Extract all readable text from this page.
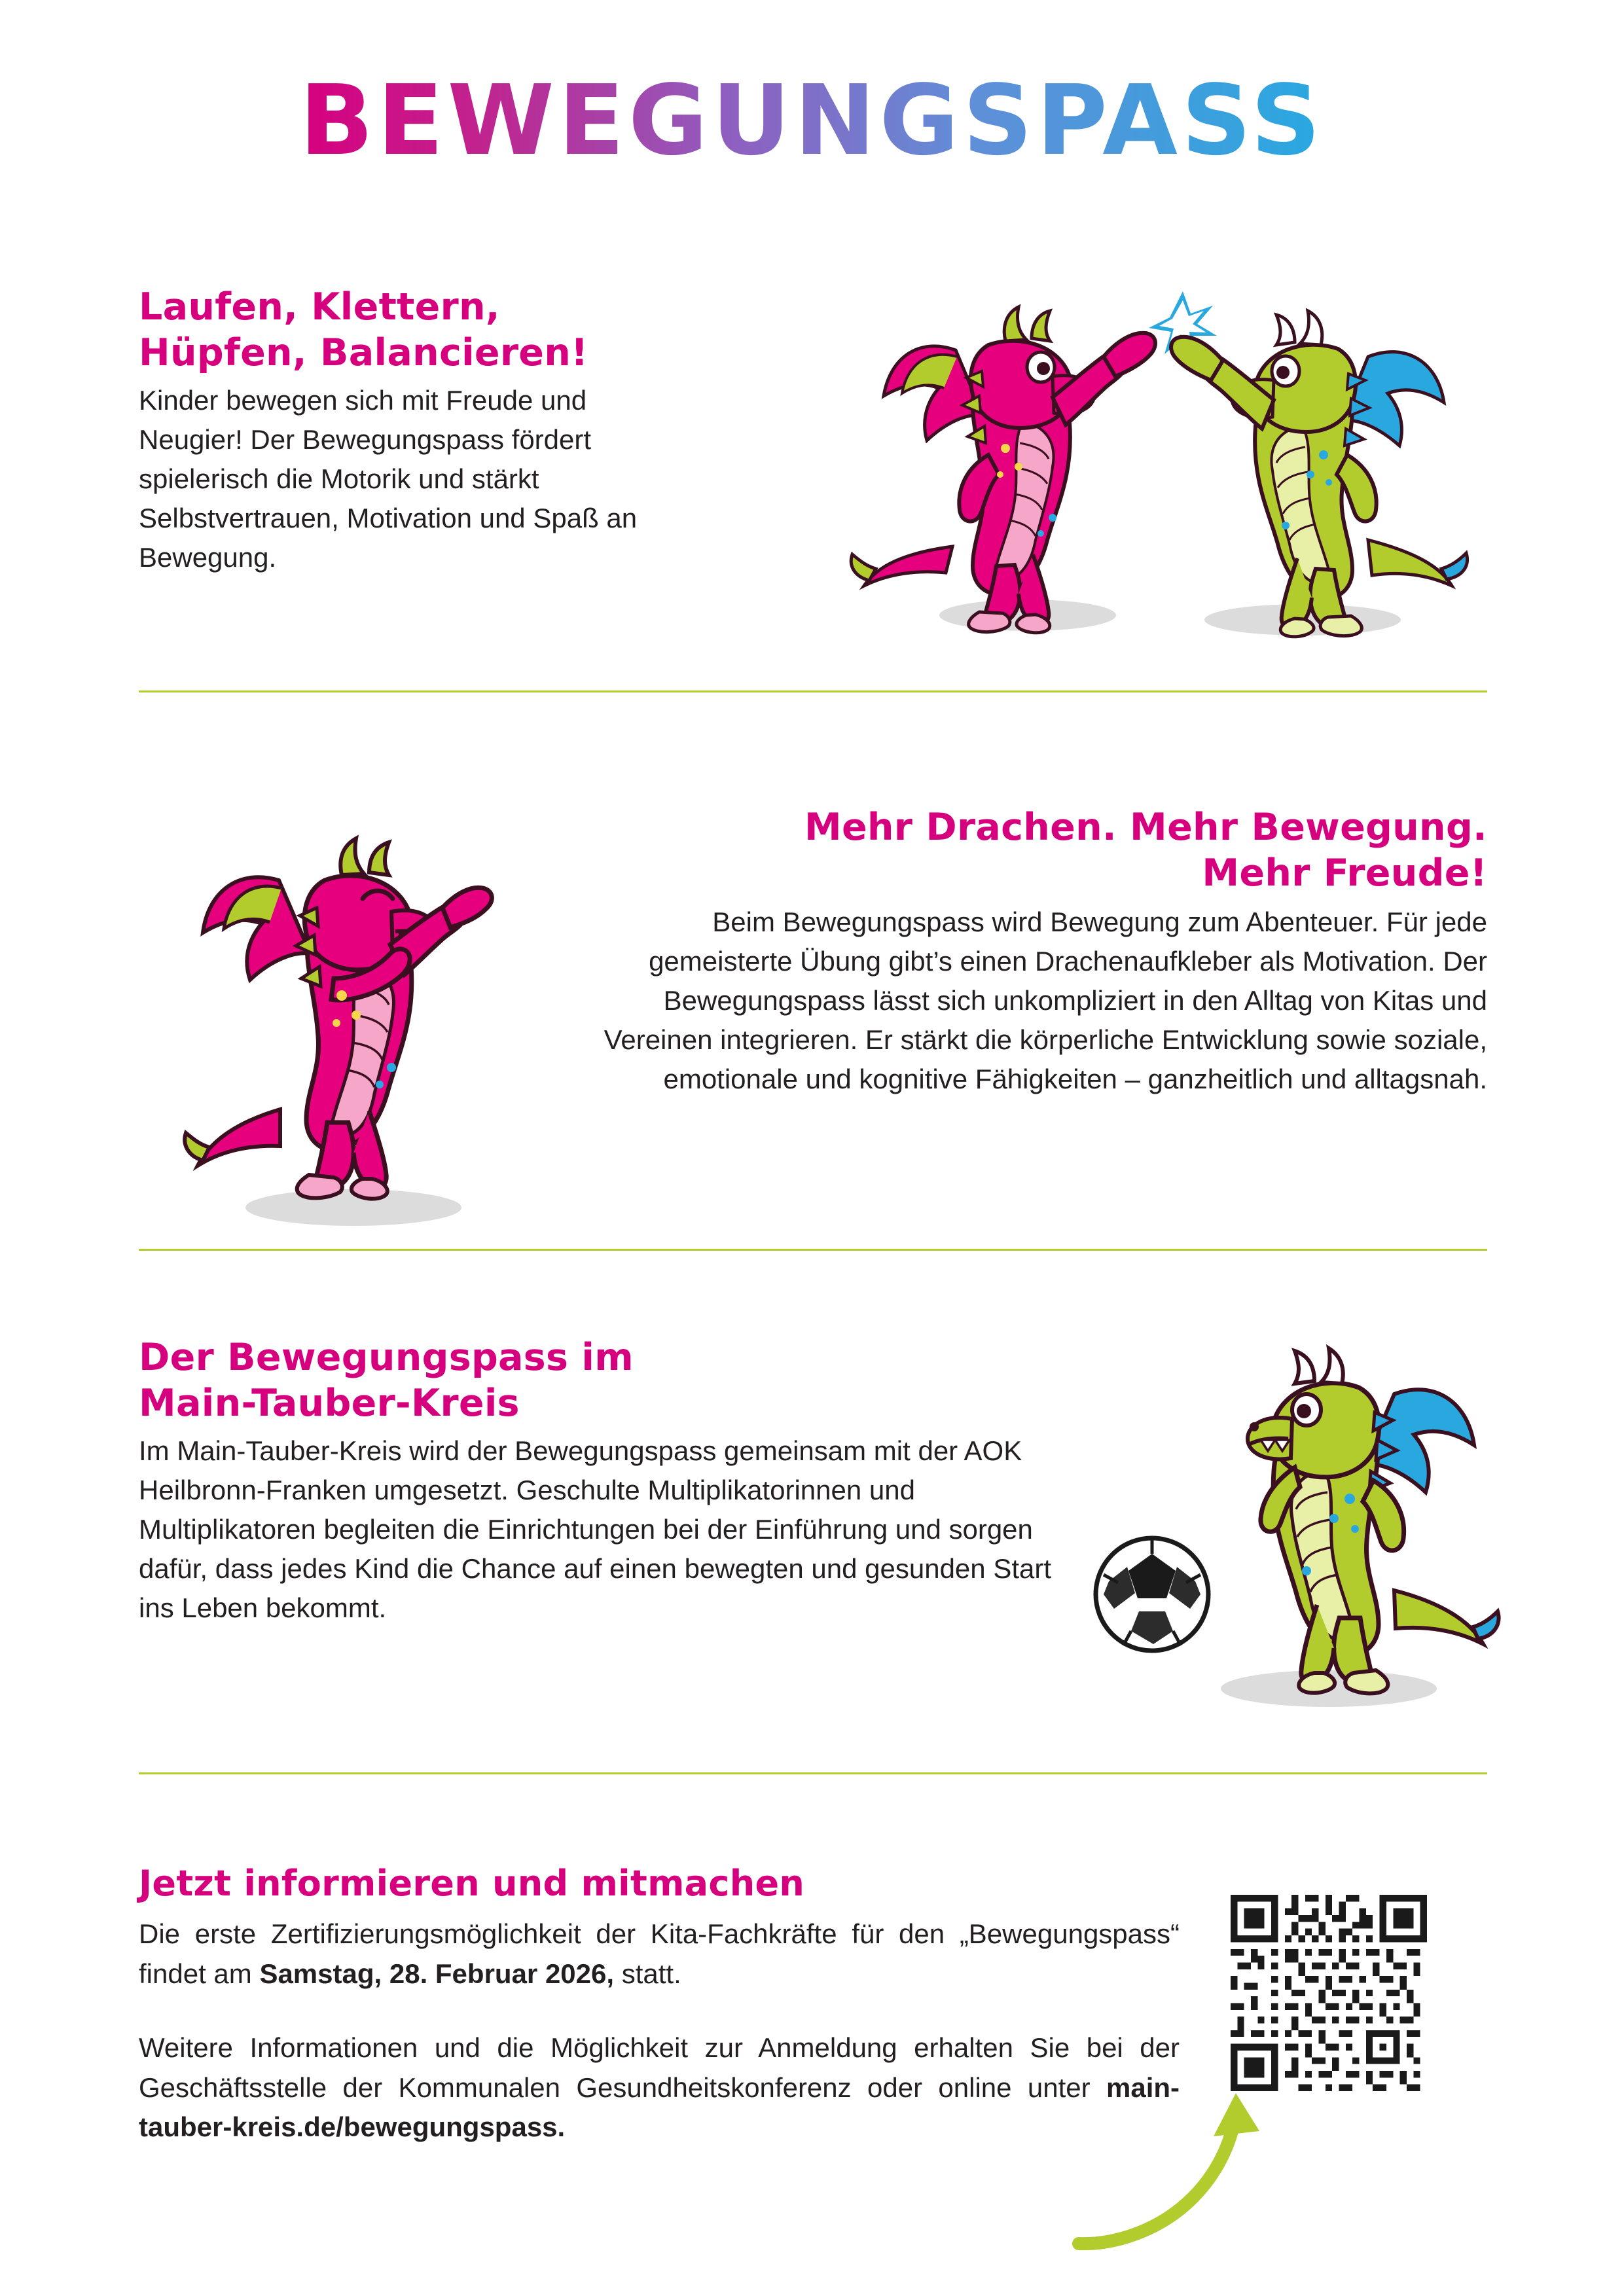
BEWEGUNGSPASS
Laufen, Klettern,
Hüpfen, Balancieren!

Kinder bewegen sich mit Freude und Neugier! Der Bewegungspass fördert spielerisch die Motorik und stärkt Selbstvertrauen, Motivation und Spaß an Bewegung.

Mehr Drachen. Mehr Bewegung.
Mehr Freude!

Beim Bewegungspass wird Bewegung zum Abenteuer. Für jede gemeisterte Übung gibt’s einen Drachenaufkleber als Motivation. Der Bewegungspass lässt sich unkompliziert in den Alltag von Kitas und Vereinen integrieren. Er stärkt die körperliche Entwicklung sowie soziale, emotionale und kognitive Fähigkeiten – ganzheitlich und alltagsnah.

Der Bewegungspass im
Main-Tauber-Kreis

Im Main-Tauber-Kreis wird der Bewegungspass gemeinsam mit der AOK Heilbronn-Franken umgesetzt. Geschulte Multiplikatorinnen und Multiplikatoren begleiten die Einrichtungen bei der Einführung und sorgen dafür, dass jedes Kind die Chance auf einen bewegten und gesunden Start ins Leben bekommt.

Jetzt informieren und mitmachen

Die erste Zertifizierungsmöglichkeit der Kita-Fachkräfte für den „Bewegungspass“ findet am Samstag, 28. Februar 2026, statt.

Weitere Informationen und die Möglichkeit zur Anmeldung erhalten Sie bei der Geschäftsstelle der Kommunalen Gesundheitskonferenz oder online unter main-tauber-kreis.de/bewegungspass.
